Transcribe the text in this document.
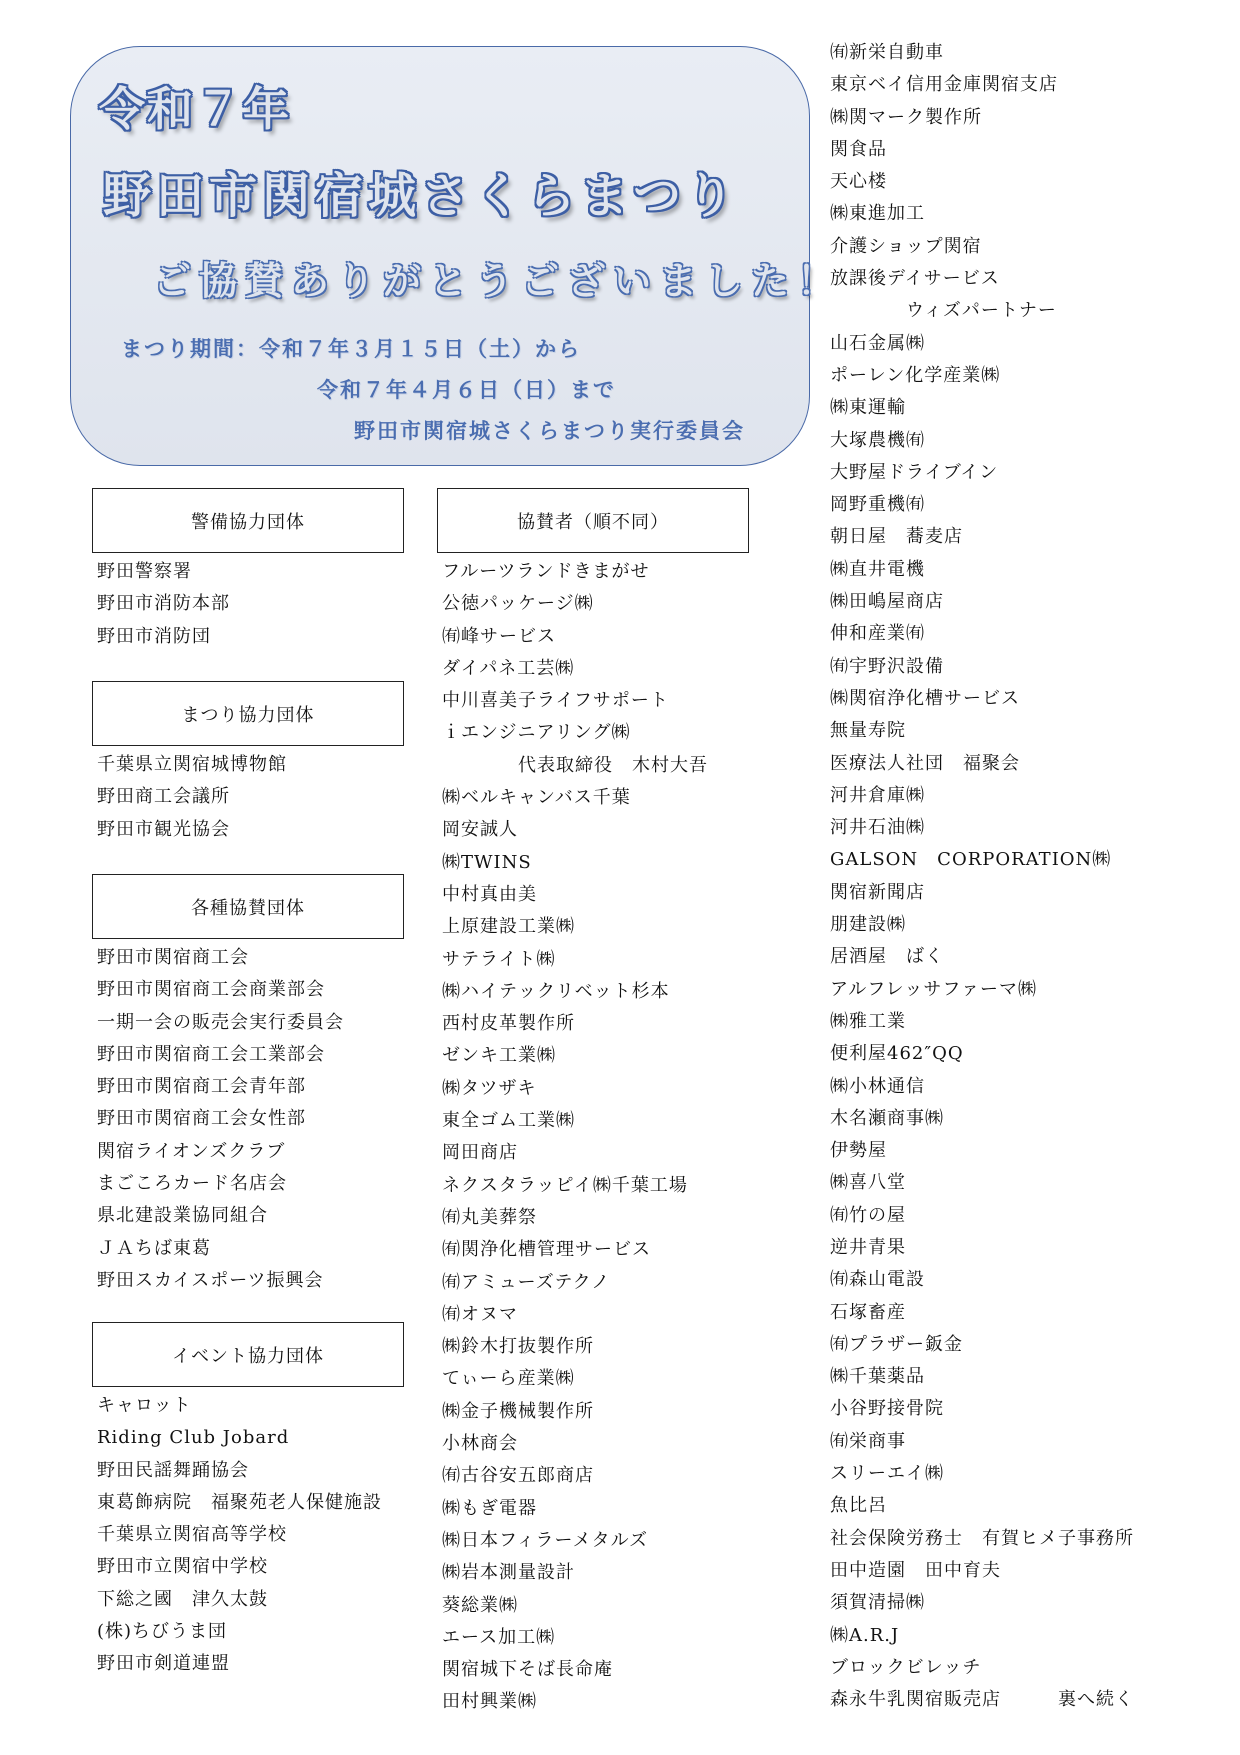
令和７年
野田市関宿城さくらまつり
ご協賛ありがとうございました！
まつり期間：令和７年３月１５日（土）から
令和７年４月６日（日）まで
野田市関宿城さくらまつり実行委員会
警備協力団体
野田警察署
野田市消防本部
野田市消防団
まつり協力団体
千葉県立関宿城博物館
野田商工会議所
野田市観光協会
各種協賛団体
野田市関宿商工会
野田市関宿商工会商業部会
一期一会の販売会実行委員会
野田市関宿商工会工業部会
野田市関宿商工会青年部
野田市関宿商工会女性部
関宿ライオンズクラブ
まごころカード名店会
県北建設業協同組合
ＪＡちば東葛
野田スカイスポーツ振興会
イベント協力団体
キャロット
Riding Club Jobard
野田民謡舞踊協会
東葛飾病院　福聚苑老人保健施設
千葉県立関宿高等学校
野田市立関宿中学校
下総之國　津久太鼓
(株)ちびうま団
野田市剣道連盟
協賛者（順不同）
フルーツランドきまがせ
公徳パッケージ㈱
㈲峰サービス
ダイパネ工芸㈱
中川喜美子ライフサポート
ｉエンジニアリング㈱
　　　　代表取締役　木村大吾
㈱ベルキャンバス千葉
岡安誠人
㈱TWINS
中村真由美
上原建設工業㈱
サテライト㈱
㈱ハイテックリベット杉本
西村皮革製作所
ゼンキ工業㈱
㈱タツザキ
東全ゴム工業㈱
岡田商店
ネクスタラッピイ㈱千葉工場
㈲丸美葬祭
㈲関浄化槽管理サービス
㈲アミューズテクノ
㈲オヌマ
㈱鈴木打抜製作所
てぃーら産業㈱
㈱金子機械製作所
小林商会
㈲古谷安五郎商店
㈱もぎ電器
㈱日本フィラーメタルズ
㈱岩本測量設計
葵総業㈱
エース加工㈱
関宿城下そば長命庵
田村興業㈱
㈲新栄自動車
東京ベイ信用金庫関宿支店
㈱関マーク製作所
関食品
天心楼
㈱東進加工
介護ショップ関宿
放課後デイサービス
　　　　ウィズパートナー
山石金属㈱
ポーレン化学産業㈱
㈱東運輸
大塚農機㈲
大野屋ドライブイン
岡野重機㈲
朝日屋　蕎麦店
㈱直井電機
㈱田嶋屋商店
伸和産業㈲
㈲宇野沢設備
㈱関宿浄化槽サービス
無量寿院
医療法人社団　福聚会
河井倉庫㈱
河井石油㈱
GALSON　CORPORATION㈱
関宿新聞店
朋建設㈱
居酒屋　ばく
アルフレッサファーマ㈱
㈱雅工業
便利屋462″QQ
㈱小林通信
木名瀬商事㈱
伊勢屋
㈱喜八堂
㈲竹の屋
逆井青果
㈲森山電設
石塚畜産
㈲プラザー鈑金
㈱千葉薬品
小谷野接骨院
㈲栄商事
スリーエイ㈱
魚比呂
社会保険労務士　有賀ヒメ子事務所
田中造園　田中育夫
須賀清掃㈱
㈱A.R.J
ブロックビレッチ
森永牛乳関宿販売店　　　裏へ続く
